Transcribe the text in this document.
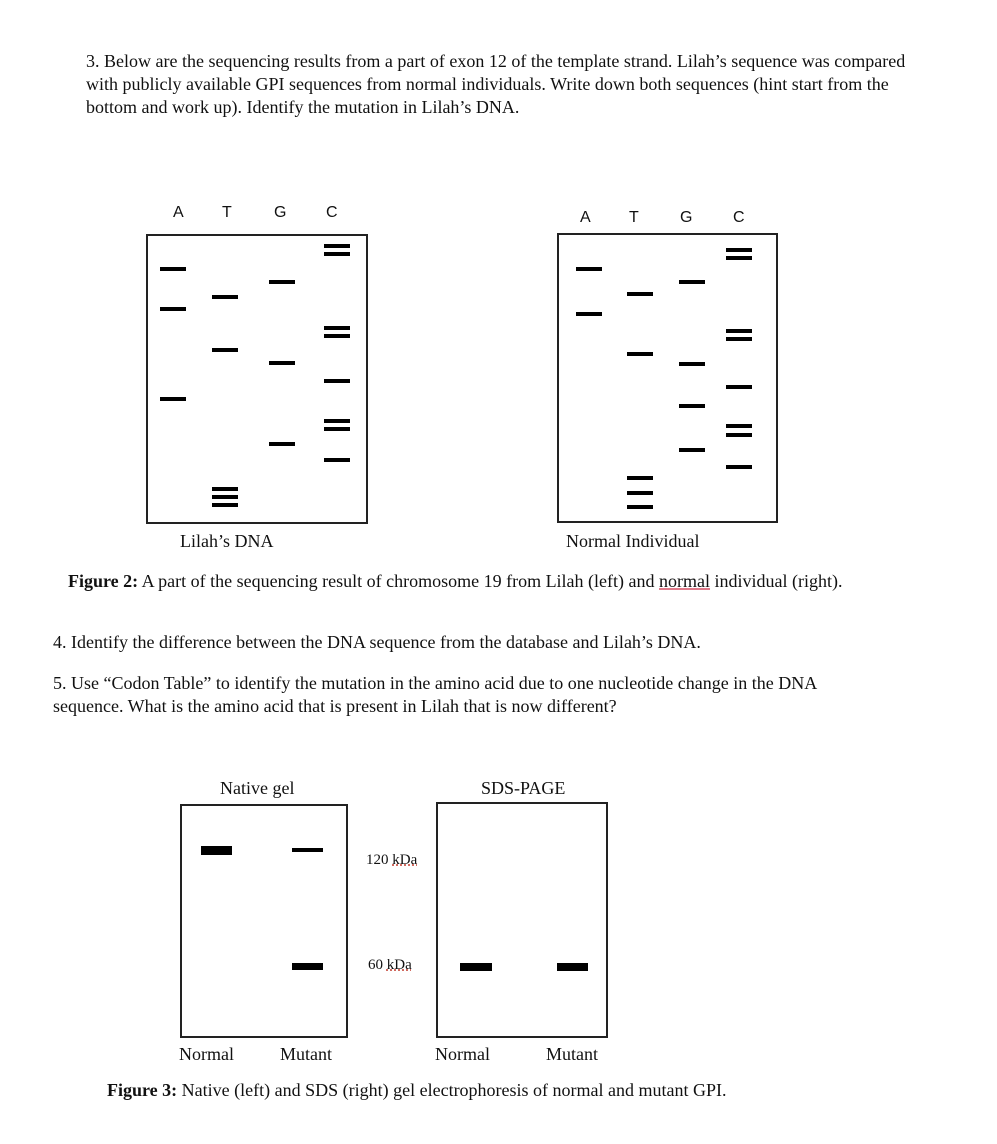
3. Below are the sequencing results from a part of exon 12 of the template strand. Lilah’s sequence was compared with publicly available GPI sequences from normal individuals. Write down both sequences (hint start from the bottom and work up). Identify the mutation in Lilah’s DNA.

A T	G C
Lilah’s DNA
A T	G	C
Normal Individual

Figure 2: A part of the sequencing result of chromosome 19 from Lilah (left) and normal individual (right).

4. Identify the difference between the DNA sequence from the database and Lilah’s DNA.

5. Use “Codon Table” to identify the mutation in the amino acid due to one nucleotide change in the DNA sequence. What is the amino acid that is present in Lilah that is now different?

Native gel
Normal	Mutant
120 kDa
60 kDa
SDS-PAGE
Normal	Mutant

Figure 3: Native (left) and SDS (right) gel electrophoresis of normal and mutant GPI.
